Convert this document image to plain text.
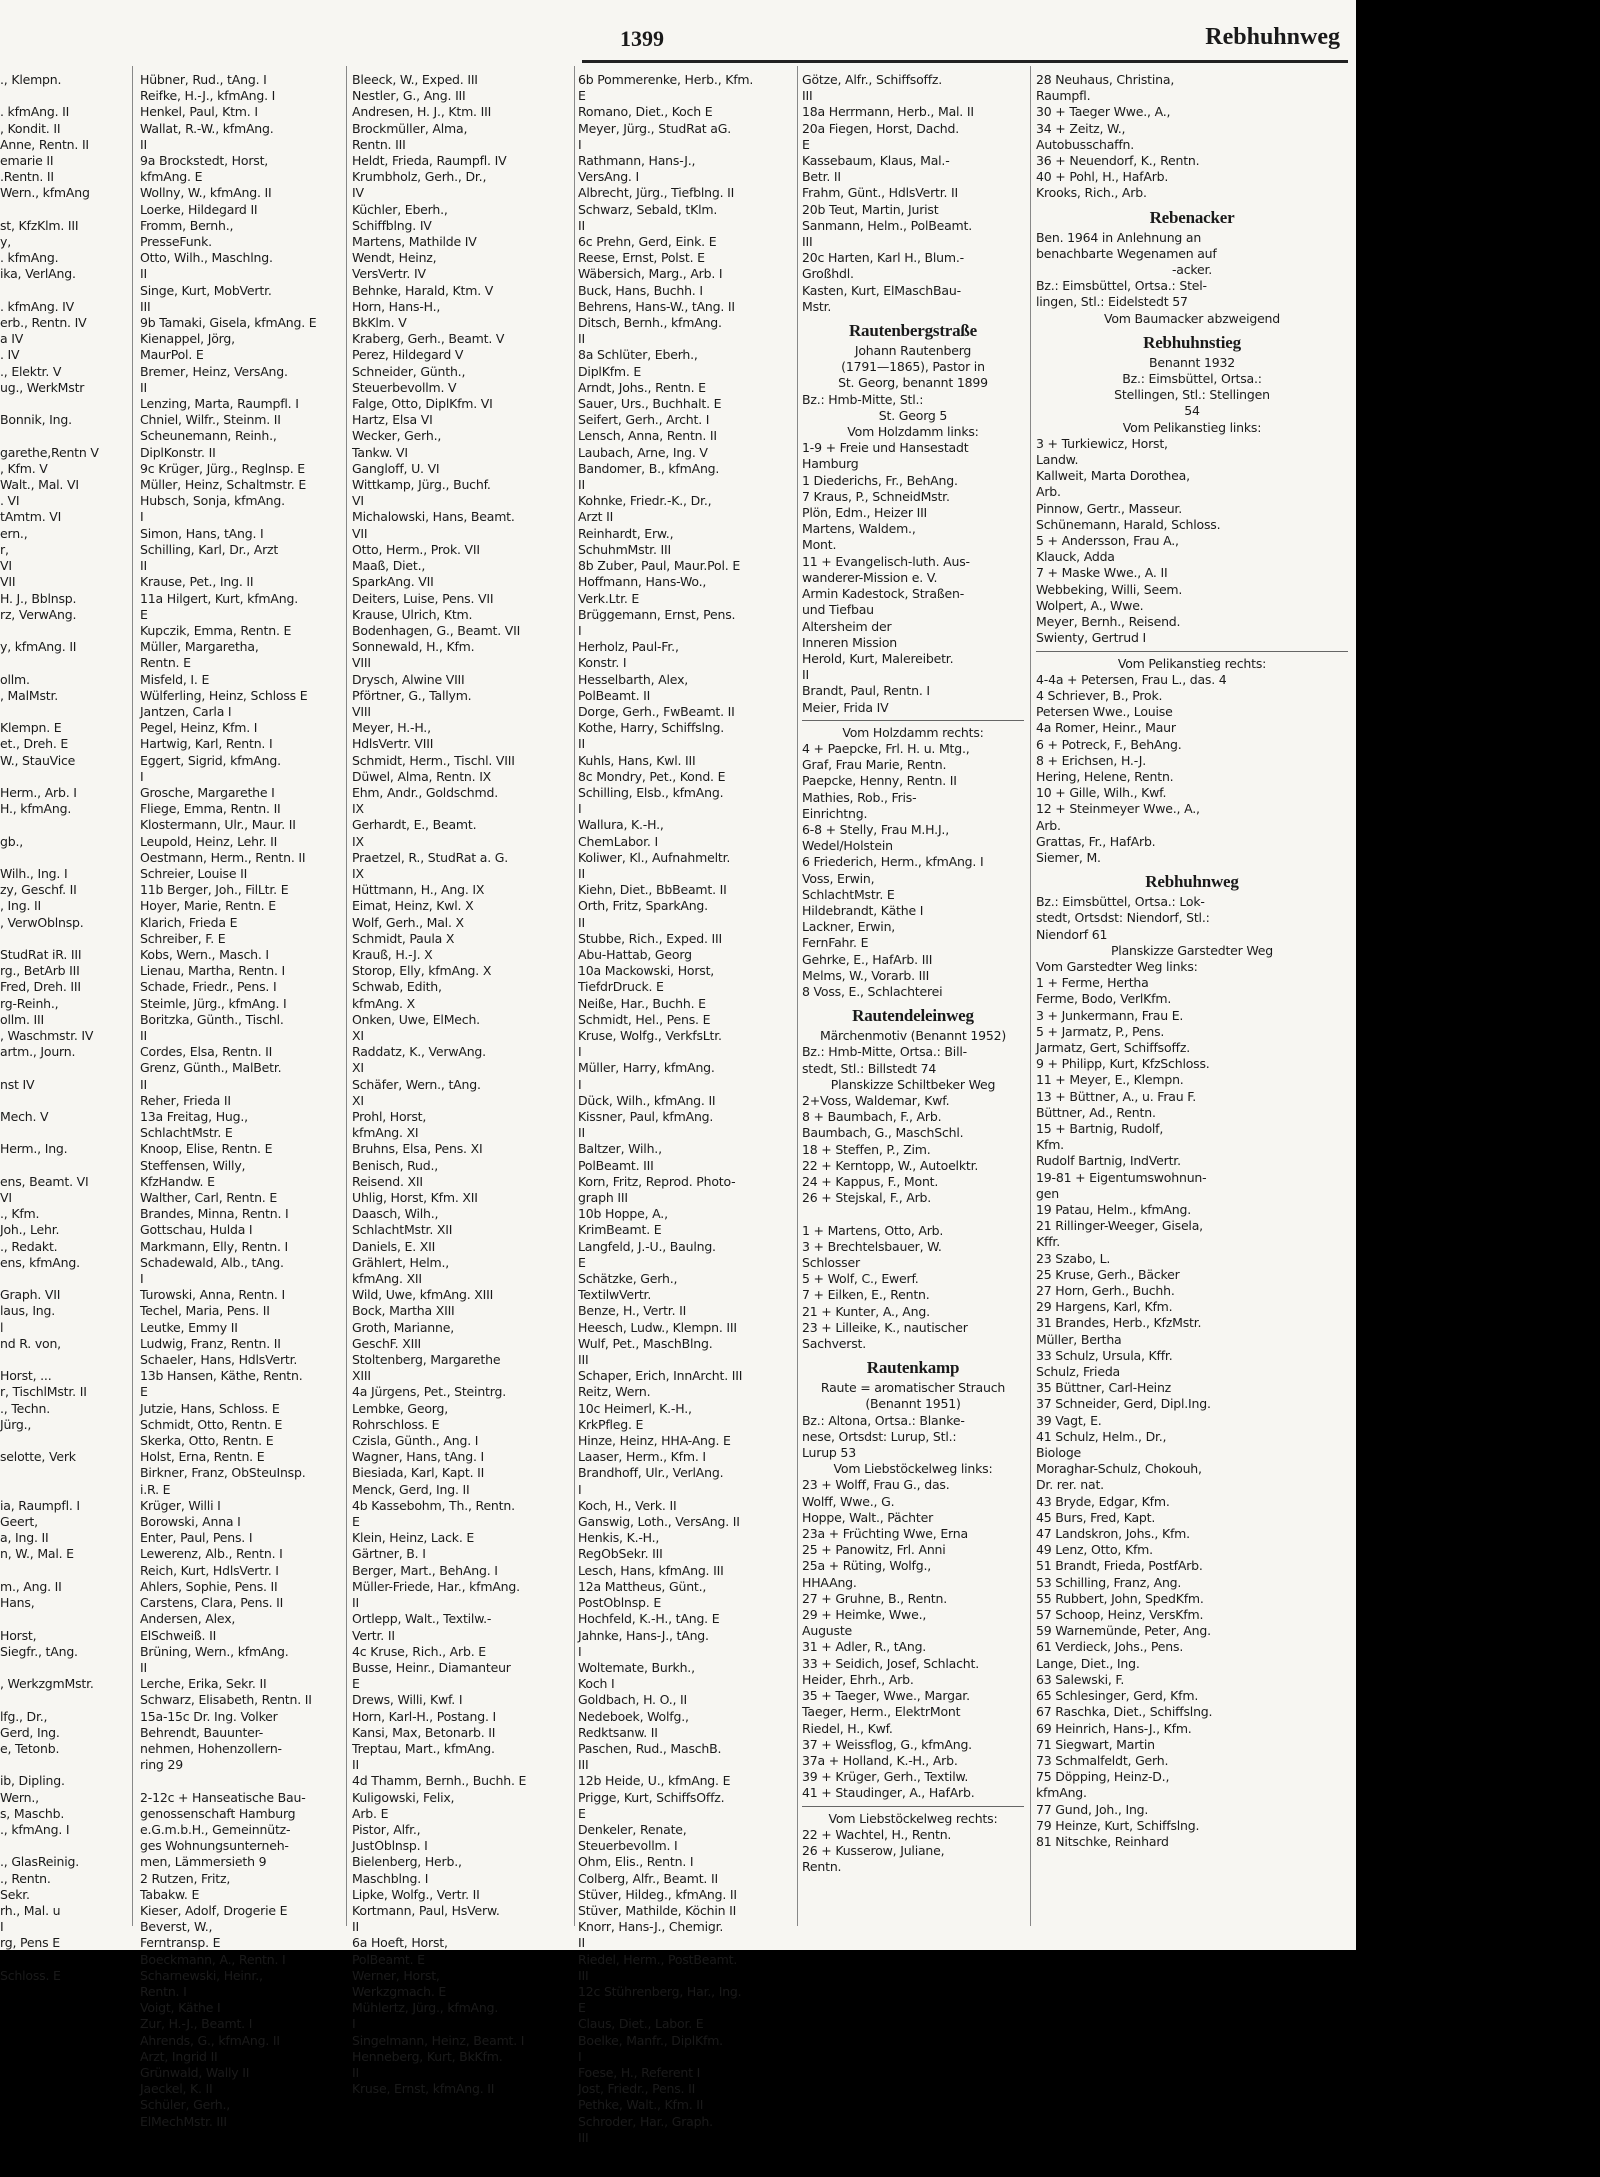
1399	Rebhuhnweg
., Klempn.

. kfmAng. II
, Kondit. II
Anne, Rentn. II
emarie II
.Rentn. II
Wern., kfmAng

st, KfzKlm. III
y,
. kfmAng.
ika, VerlAng.

. kfmAng. IV
erb., Rentn. IV
a IV
. IV
., Elektr. V
ug., WerkMstr

Bonnik, Ing.

garethe,Rentn V
, Kfm. V
Walt., Mal. VI
. VI
tAmtm. VI
ern.,
r,
VI
VII
H. J., Bblnsp.
rz, VerwAng.

y, kfmAng. II

ollm.
, MalMstr.

Klempn. E
et., Dreh. E
W., StauVice

Herm., Arb. I
H., kfmAng.

gb.,

Wilh., Ing. I
zy, Geschf. II
, Ing. II
, VerwOblnsp.

StudRat iR. III
rg., BetArb III
Fred, Dreh. III
rg-Reinh.,
ollm. III
, Waschmstr. IV
artm., Journ.

nst IV

Mech. V

Herm., Ing.

ens, Beamt. VI
VI
., Kfm.
Joh., Lehr.
., Redakt.
ens, kfmAng.

Graph. VII
laus, Ing.
l
nd R. von,

Horst, ...
r, TischlMstr. II
., Techn.
Jürg.,

selotte, Verk

ia, Raumpfl. I
Geert,
a, Ing. II
n, W., Mal. E

m., Ang. II
Hans,

Horst,
Siegfr., tAng.

, WerkzgmMstr.

lfg., Dr.,
Gerd, Ing.
e, Tetonb.

ib, Dipling.
Wern.,
s, Maschb.
., kfmAng. I

., GlasReinig.
., Rentn.
Sekr.
rh., Mal. u
I
rg, Pens E

Schloss. E
Hübner, Rud., tAng. I
Reifke, H.-J., kfmAng. I
Henkel, Paul, Ktm. I
Wallat, R.-W., kfmAng.
II
9a Brockstedt, Horst,
kfmAng. E
Wollny, W., kfmAng. II
Loerke, Hildegard II
Fromm, Bernh.,
PresseFunk.
Otto, Wilh., Maschlng.
II
Singe, Kurt, MobVertr.
III
9b Tamaki, Gisela, kfmAng. E
Kienappel, Jörg,
MaurPol. E
Bremer, Heinz, VersAng.
II
Lenzing, Marta, Raumpfl. I
Chniel, Wilfr., Steinm. II
Scheunemann, Reinh.,
DiplKonstr. II
9c Krüger, Jürg., Reglnsp. E
Müller, Heinz, Schaltmstr. E
Hubsch, Sonja, kfmAng.
I
Simon, Hans, tAng. I
Schilling, Karl, Dr., Arzt
II
Krause, Pet., Ing. II
11a Hilgert, Kurt, kfmAng.
E
Kupczik, Emma, Rentn. E
Müller, Margaretha,
Rentn. E
Misfeld, I. E
Wülferling, Heinz, Schloss E
Jantzen, Carla I
Pegel, Heinz, Kfm. I
Hartwig, Karl, Rentn. I
Eggert, Sigrid, kfmAng.
I
Grosche, Margarethe I
Fliege, Emma, Rentn. II
Klostermann, Ulr., Maur. II
Leupold, Heinz, Lehr. II
Oestmann, Herm., Rentn. II
Schreier, Louise II
11b Berger, Joh., FilLtr. E
Hoyer, Marie, Rentn. E
Klarich, Frieda E
Schreiber, F. E
Kobs, Wern., Masch. I
Lienau, Martha, Rentn. I
Schade, Friedr., Pens. I
Steimle, Jürg., kfmAng. I
Boritzka, Günth., Tischl.
II
Cordes, Elsa, Rentn. II
Grenz, Günth., MalBetr.
II
Reher, Frieda II
13a Freitag, Hug.,
SchlachtMstr. E
Knoop, Elise, Rentn. E
Steffensen, Willy,
KfzHandw. E
Walther, Carl, Rentn. E
Brandes, Minna, Rentn. I
Gottschau, Hulda I
Markmann, Elly, Rentn. I
Schadewald, Alb., tAng.
I
Turowski, Anna, Rentn. I
Techel, Maria, Pens. II
Leutke, Emmy II
Ludwig, Franz, Rentn. II
Schaeler, Hans, HdlsVertr.
13b Hansen, Käthe, Rentn.
E
Jutzie, Hans, Schloss. E
Schmidt, Otto, Rentn. E
Skerka, Otto, Rentn. E
Holst, Erna, Rentn. E
Birkner, Franz, ObSteuInsp.
i.R. E
Krüger, Willi I
Borowski, Anna I
Enter, Paul, Pens. I
Lewerenz, Alb., Rentn. I
Reich, Kurt, HdlsVertr. I
Ahlers, Sophie, Pens. II
Carstens, Clara, Pens. II
Andersen, Alex,
ElSchweiß. II
Brüning, Wern., kfmAng.
II
Lerche, Erika, Sekr. II
Schwarz, Elisabeth, Rentn. II
15a-15c Dr. Ing. Volker
Behrendt, Bauunter-
nehmen, Hohenzollern-
ring 29

2-12c + Hanseatische Bau-
genossenschaft Hamburg
e.G.m.b.H., Gemeinnütz-
ges Wohnungsunterneh-
men, Lämmersieth 9
2 Rutzen, Fritz,
Tabakw. E
Kieser, Adolf, Drogerie E
Beverst, W.,
Ferntransp. E
Boeckmann, A., Rentn. I
Scharnewski, Heinr.,
Rentn. I
Voigt, Käthe I
Zur, H.-J., Beamt. I
Ahrends, G., kfmAng. II
Arzt, Ingrid II
Grünwald, Wally II
Jaeckel, K. II
Schüler, Gerh.,
ElMechMstr. III
Bleeck, W., Exped. III
Nestler, G., Ang. III
Andresen, H. J., Ktm. III
Brockmüller, Alma,
Rentn. III
Heldt, Frieda, Raumpfl. IV
Krumbholz, Gerh., Dr.,
IV
Küchler, Eberh.,
Schiffblng. IV
Martens, Mathilde IV
Wendt, Heinz,
VersVertr. IV
Behnke, Harald, Ktm. V
Horn, Hans-H.,
BkKlm. V
Kraberg, Gerh., Beamt. V
Perez, Hildegard V
Schneider, Günth.,
Steuerbevollm. V
Falge, Otto, DiplKfm. VI
Hartz, Elsa VI
Wecker, Gerh.,
Tankw. VI
Gangloff, U. VI
Wittkamp, Jürg., Buchf.
VI
Michalowski, Hans, Beamt.
VII
Otto, Herm., Prok. VII
Maaß, Diet.,
SparkAng. VII
Deiters, Luise, Pens. VII
Krause, Ulrich, Ktm.
Bodenhagen, G., Beamt. VII
Sonnewald, H., Kfm.
VIII
Drysch, Alwine VIII
Pförtner, G., Tallym.
VIII
Meyer, H.-H.,
HdlsVertr. VIII
Schmidt, Herm., Tischl. VIII
Düwel, Alma, Rentn. IX
Ehm, Andr., Goldschmd.
IX
Gerhardt, E., Beamt.
IX
Praetzel, R., StudRat a. G.
IX
Hüttmann, H., Ang. IX
Eimat, Heinz, Kwl. X
Wolf, Gerh., Mal. X
Schmidt, Paula X
Krauß, H.-J. X
Storop, Elly, kfmAng. X
Schwab, Edith,
kfmAng. X
Onken, Uwe, ElMech.
XI
Raddatz, K., VerwAng.
XI
Schäfer, Wern., tAng.
XI
Prohl, Horst,
kfmAng. XI
Bruhns, Elsa, Pens. XI
Benisch, Rud.,
Reisend. XII
Uhlig, Horst, Kfm. XII
Daasch, Wilh.,
SchlachtMstr. XII
Daniels, E. XII
Grählert, Helm.,
kfmAng. XII
Wild, Uwe, kfmAng. XIII
Bock, Martha XIII
Groth, Marianne,
GeschF. XIII
Stoltenberg, Margarethe
XIII
4a Jürgens, Pet., Steintrg.
Lembke, Georg,
Rohrschloss. E
Czisla, Günth., Ang. I
Wagner, Hans, tAng. I
Biesiada, Karl, Kapt. II
Menck, Gerd, Ing. II
4b Kassebohm, Th., Rentn.
E
Klein, Heinz, Lack. E
Gärtner, B. I
Berger, Mart., BehAng. I
Müller-Friede, Har., kfmAng.
II
Ortlepp, Walt., Textilw.-
Vertr. II
4c Kruse, Rich., Arb. E
Busse, Heinr., Diamanteur
E
Drews, Willi, Kwf. I
Horn, Karl-H., Postang. I
Kansi, Max, Betonarb. II
Treptau, Mart., kfmAng.
II
4d Thamm, Bernh., Buchh. E
Kuligowski, Felix,
Arb. E
Pistor, Alfr.,
JustOblnsp. I
Bielenberg, Herb.,
Maschblng. I
Lipke, Wolfg., Vertr. II
Kortmann, Paul, HsVerw.
II
6a Hoeft, Horst,
PolBeamt. E
Werner, Horst,
Werkzgmach. E
Mühlertz, Jürg., kfmAng.
I
Singelmann, Heinz, Beamt. I
Henneberg, Kurt, BkKfm.
II
Kruse, Ernst, kfmAng. II
6b Pommerenke, Herb., Kfm.
E
Romano, Diet., Koch E
Meyer, Jürg., StudRat aG.
I
Rathmann, Hans-J.,
VersAng. I
Albrecht, Jürg., Tiefblng. II
Schwarz, Sebald, tKlm.
II
6c Prehn, Gerd, Eink. E
Reese, Ernst, Polst. E
Wäbersich, Marg., Arb. I
Buck, Hans, Buchh. I
Behrens, Hans-W., tAng. II
Ditsch, Bernh., kfmAng.
II
8a Schlüter, Eberh.,
DiplKfm. E
Arndt, Johs., Rentn. E
Sauer, Urs., Buchhalt. E
Seifert, Gerh., Archt. I
Lensch, Anna, Rentn. II
Laubach, Arne, Ing. V
Bandomer, B., kfmAng.
II
Kohnke, Friedr.-K., Dr.,
Arzt II
Reinhardt, Erw.,
SchuhmMstr. III
8b Zuber, Paul, Maur.Pol. E
Hoffmann, Hans-Wo.,
Verk.Ltr. E
Brüggemann, Ernst, Pens.
I
Herholz, Paul-Fr.,
Konstr. I
Hesselbarth, Alex,
PolBeamt. II
Dorge, Gerh., FwBeamt. II
Kothe, Harry, Schiffslng.
II
Kuhls, Hans, Kwl. III
8c Mondry, Pet., Kond. E
Schilling, Elsb., kfmAng.
I
Wallura, K.-H.,
ChemLabor. I
Koliwer, Kl., Aufnahmeltr.
II
Kiehn, Diet., BbBeamt. II
Orth, Fritz, SparkAng.
II
Stubbe, Rich., Exped. III
Abu-Hattab, Georg
10a Mackowski, Horst,
TiefdrDruck. E
Neiße, Har., Buchh. E
Schmidt, Hel., Pens. E
Kruse, Wolfg., VerkfsLtr.
I
Müller, Harry, kfmAng.
I
Dück, Wilh., kfmAng. II
Kissner, Paul, kfmAng.
II
Baltzer, Wilh.,
PolBeamt. III
Korn, Fritz, Reprod. Photo-
graph III
10b Hoppe, A.,
KrimBeamt. E
Langfeld, J.-U., Baulng.
E
Schätzke, Gerh.,
TextilwVertr.
Benze, H., Vertr. II
Heesch, Ludw., Klempn. III
Wulf, Pet., MaschBlng.
III
Schaper, Erich, InnArcht. III
Reitz, Wern.
10c Heimerl, K.-H.,
KrkPfleg. E
Hinze, Heinz, HHA-Ang. E
Laaser, Herm., Kfm. I
Brandhoff, Ulr., VerlAng.
I
Koch, H., Verk. II
Ganswig, Loth., VersAng. II
Henkis, K.-H.,
RegObSekr. III
Lesch, Hans, kfmAng. III
12a Mattheus, Günt.,
PostOblnsp. E
Hochfeld, K.-H., tAng. E
Jahnke, Hans-J., tAng.
I
Woltemate, Burkh.,
Koch I
Goldbach, H. O., II
Nedeboek, Wolfg.,
Redktsanw. II
Paschen, Rud., MaschB.
III
12b Heide, U., kfmAng. E
Prigge, Kurt, SchiffsOffz.
E
Denkeler, Renate,
Steuerbevollm. I
Ohm, Elis., Rentn. I
Colberg, Alfr., Beamt. II
Stüver, Hildeg., kfmAng. II
Stüver, Mathilde, Köchin II
Knorr, Hans-J., Chemigr.
II
Riedel, Herm., PostBeamt.
III
12c Stührenberg, Har., Ing.
E
Claus, Diet., Labor. E
Boelke, Manfr., DiplKfm.
I
Foese, H., Referent I
Jost, Friedr., Pens. II
Pethke, Walt., Kfm. II
Schroder, Har., Graph.
III
Götze, Alfr., Schiffsoffz.
III
18a Herrmann, Herb., Mal. II
20a Fiegen, Horst, Dachd.
E
Kassebaum, Klaus, Mal.-
Betr. II
Frahm, Günt., HdlsVertr. II
20b Teut, Martin, Jurist
Sanmann, Helm., PolBeamt.
III
20c Harten, Karl H., Blum.-
Großhdl.
Kasten, Kurt, ElMaschBau-
Mstr.
Rautenbergstraße
Johann Rautenberg
(1791—1865), Pastor in
St. Georg, benannt 1899
Bz.: Hmb-Mitte, Stl.:
St. Georg 5
Vom Holzdamm links:
1-9 + Freie und Hansestadt
Hamburg
1 Diederichs, Fr., BehAng.
7 Kraus, P., SchneidMstr.
Plön, Edm., Heizer III
Martens, Waldem.,
Mont.
11 + Evangelisch-luth. Aus-
wanderer-Mission e. V.
Armin Kadestock, Straßen-
und Tiefbau
Altersheim der
Inneren Mission
Herold, Kurt, Malereibetr.
II
Brandt, Paul, Rentn. I
Meier, Frida IV
Vom Holzdamm rechts:
4 + Paepcke, Frl. H. u. Mtg.,
Graf, Frau Marie, Rentn.
Paepcke, Henny, Rentn. II
Mathies, Rob., Fris-
Einrichtng.
6-8 + Stelly, Frau M.H.J.,
Wedel/Holstein
6 Friederich, Herm., kfmAng. I
Voss, Erwin,
SchlachtMstr. E
Hildebrandt, Käthe I
Lackner, Erwin,
FernFahr. E
Gehrke, E., HafArb. III
Melms, W., Vorarb. III
8 Voss, E., Schlachterei
Rautendeleinweg
Märchenmotiv (Benannt 1952)
Bz.: Hmb-Mitte, Ortsa.: Bill-
stedt, Stl.: Billstedt 74
Planskizze Schiltbeker Weg
2+Voss, Waldemar, Kwf.
8 + Baumbach, F., Arb.
Baumbach, G., MaschSchl.
18 + Steffen, P., Zim.
22 + Kerntopp, W., Autoelktr.
24 + Kappus, F., Mont.
26 + Stejskal, F., Arb.

1 + Martens, Otto, Arb.
3 + Brechtelsbauer, W.
Schlosser
5 + Wolf, C., Ewerf.
7 + Eilken, E., Rentn.
21 + Kunter, A., Ang.
23 + Lilleike, K., nautischer
Sachverst.
Rautenkamp
Raute = aromatischer Strauch
(Benannt 1951)
Bz.: Altona, Ortsa.: Blanke-
nese, Ortsdst: Lurup, Stl.:
Lurup 53
Vom Liebstöckelweg links:
23 + Wolff, Frau G., das.
Wolff, Wwe., G.
Hoppe, Walt., Pächter
23a + Früchting Wwe, Erna
25 + Panowitz, Frl. Anni
25a + Rüting, Wolfg.,
HHAAng.
27 + Gruhne, B., Rentn.
29 + Heimke, Wwe.,
Auguste
31 + Adler, R., tAng.
33 + Seidich, Josef, Schlacht.
Heider, Ehrh., Arb.
35 + Taeger, Wwe., Margar.
Taeger, Herm., ElektrMont
Riedel, H., Kwf.
37 + Weissflog, G., kfmAng.
37a + Holland, K.-H., Arb.
39 + Krüger, Gerh., Textilw.
41 + Staudinger, A., HafArb.
Vom Liebstöckelweg rechts:
22 + Wachtel, H., Rentn.
26 + Kusserow, Juliane,
Rentn.
28 Neuhaus, Christina,
Raumpfl.
30 + Taeger Wwe., A.,
34 + Zeitz, W.,
Autobusschaffn.
36 + Neuendorf, K., Rentn.
40 + Pohl, H., HafArb.
Krooks, Rich., Arb.
Rebenacker
Ben. 1964 in Anlehnung an
benachbarte Wegenamen auf
-acker.
Bz.: Eimsbüttel, Ortsa.: Stel-
lingen, Stl.: Eidelstedt 57
Vom Baumacker abzweigend
Rebhuhnstieg
Benannt 1932
Bz.: Eimsbüttel, Ortsa.:
Stellingen, Stl.: Stellingen
54
Vom Pelikanstieg links:
3 + Turkiewicz, Horst,
Landw.
Kallweit, Marta Dorothea,
Arb.
Pinnow, Gertr., Masseur.
Schünemann, Harald, Schloss.
5 + Andersson, Frau A.,
Klauck, Adda
7 + Maske Wwe., A. II
Webbeking, Willi, Seem.
Wolpert, A., Wwe.
Meyer, Bernh., Reisend.
Swienty, Gertrud I
Vom Pelikanstieg rechts:
4-4a + Petersen, Frau L., das. 4
4 Schriever, B., Prok.
Petersen Wwe., Louise
4a Romer, Heinr., Maur
6 + Potreck, F., BehAng.
8 + Erichsen, H.-J.
Hering, Helene, Rentn.
10 + Gille, Wilh., Kwf.
12 + Steinmeyer Wwe., A.,
Arb.
Grattas, Fr., HafArb.
Siemer, M.
Rebhuhnweg
Bz.: Eimsbüttel, Ortsa.: Lok-
stedt, Ortsdst: Niendorf, Stl.:
Niendorf 61
Planskizze Garstedter Weg
Vom Garstedter Weg links:
1 + Ferme, Hertha
Ferme, Bodo, VerlKfm.
3 + Junkermann, Frau E.
5 + Jarmatz, P., Pens.
Jarmatz, Gert, Schiffsoffz.
9 + Philipp, Kurt, KfzSchloss.
11 + Meyer, E., Klempn.
13 + Büttner, A., u. Frau F.
Büttner, Ad., Rentn.
15 + Bartnig, Rudolf,
Kfm.
Rudolf Bartnig, IndVertr.
19-81 + Eigentumswohnun-
gen
19 Patau, Helm., kfmAng.
21 Rillinger-Weeger, Gisela,
Kffr.
23 Szabo, L.
25 Kruse, Gerh., Bäcker
27 Horn, Gerh., Buchh.
29 Hargens, Karl, Kfm.
31 Brandes, Herb., KfzMstr.
Müller, Bertha
33 Schulz, Ursula, Kffr.
Schulz, Frieda
35 Büttner, Carl-Heinz
37 Schneider, Gerd, Dipl.Ing.
39 Vagt, E.
41 Schulz, Helm., Dr.,
Biologe
Moraghar-Schulz, Chokouh,
Dr. rer. nat.
43 Bryde, Edgar, Kfm.
45 Burs, Fred, Kapt.
47 Landskron, Johs., Kfm.
49 Lenz, Otto, Kfm.
51 Brandt, Frieda, PostfArb.
53 Schilling, Franz, Ang.
55 Rubbert, John, SpedKfm.
57 Schoop, Heinz, VersKfm.
59 Warnemünde, Peter, Ang.
61 Verdieck, Johs., Pens.
Lange, Diet., Ing.
63 Salewski, F.
65 Schlesinger, Gerd, Kfm.
67 Raschka, Diet., Schiffslng.
69 Heinrich, Hans-J., Kfm.
71 Siegwart, Martin
73 Schmalfeldt, Gerh.
75 Döpping, Heinz-D.,
kfmAng.
77 Gund, Joh., Ing.
79 Heinze, Kurt, Schiffslng.
81 Nitschke, Reinhard
